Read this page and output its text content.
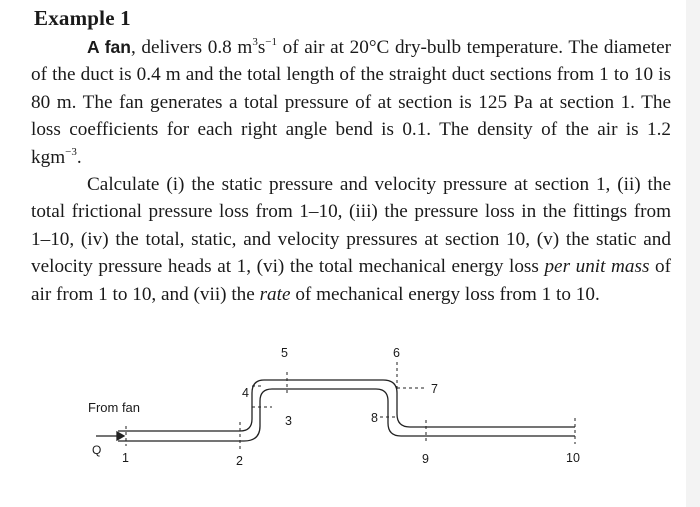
Example 1

A fan, delivers 0.8 $m^3s^{-1}$ of air at 20°C dry-bulb temperature. The diameter of the duct is 0.4 m and the total length of the straight duct sections from 1 to 10 is 80 m. The fan generates a total pressure of at section is 125 Pa at section 1. The loss coefficients for each right angle bend is 0.1. The density of the air is 1.2 kgm$^{-3}$.

Calculate (i) the static pressure and velocity pressure at section 1, (ii) the total frictional pressure loss from 1–10, (iii) the pressure loss in the fittings from 1–10, (iv) the total, static, and velocity pressures at section 10, (v) the static and velocity pressure heads at 1, (vi) the total mechanical energy loss per unit mass of air from 1 to 10, and (vii) the rate of mechanical energy loss from 1 to 10.

From fan
Q
1	2
3
4
5	6
7
8
9	10
